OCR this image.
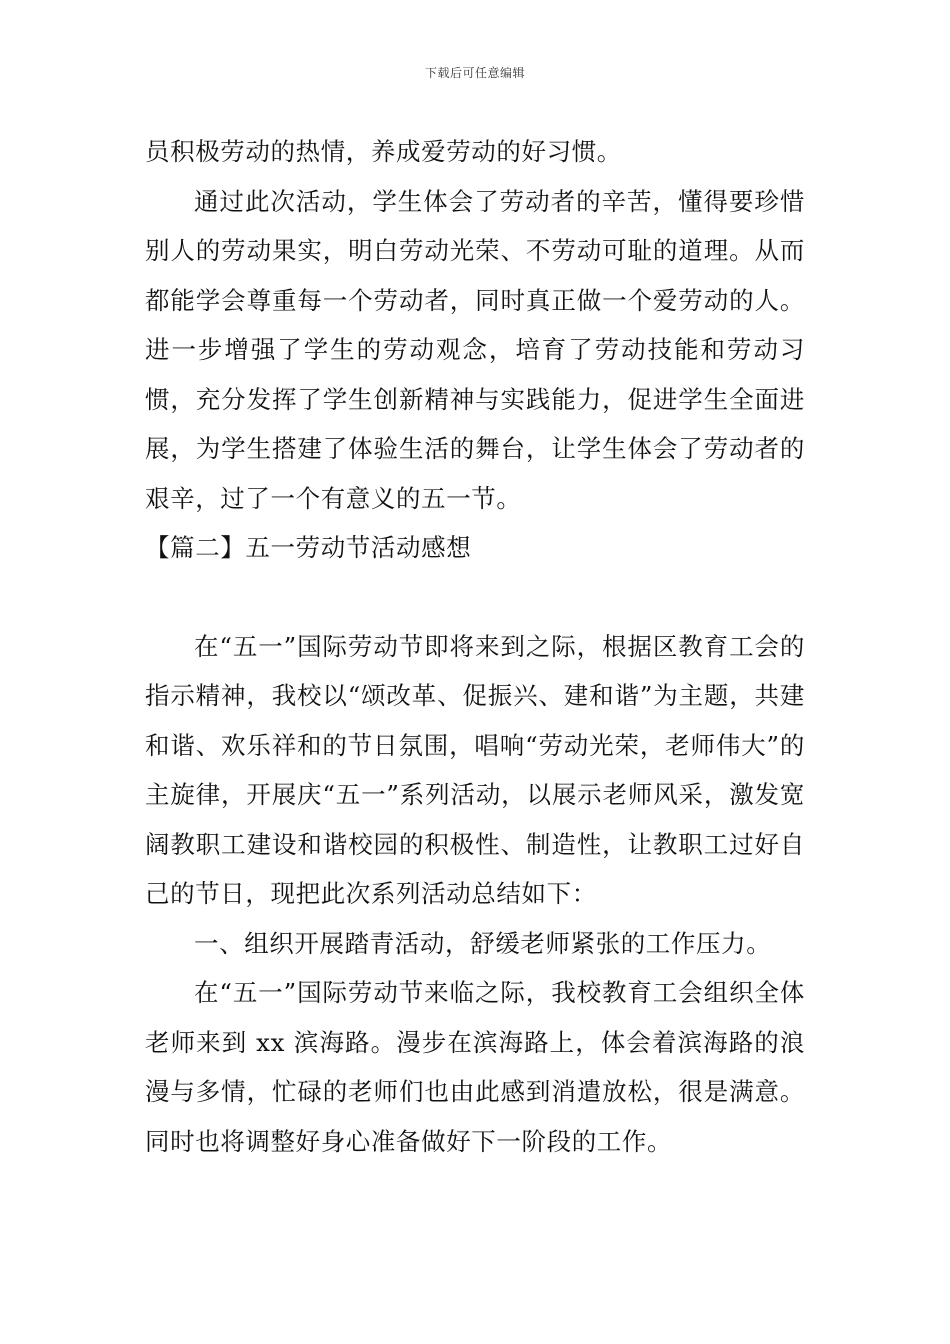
下载后可任意编辑

员积极劳动的热情，养成爱劳动的好习惯。

通过此次活动，学生体会了劳动者的辛苦，懂得要珍惜别人的劳动果实，明白劳动光荣、不劳动可耻的道理。从而都能学会尊重每一个劳动者，同时真正做一个爱劳动的人。进一步增强了学生的劳动观念，培育了劳动技能和劳动习惯，充分发挥了学生创新精神与实践能力，促进学生全面进展，为学生搭建了体验生活的舞台，让学生体会了劳动者的艰辛，过了一个有意义的五一节。

【篇二】五一劳动节活动感想

在“五一”国际劳动节即将来到之际，根据区教育工会的指示精神，我校以“颂改革、促振兴、建和谐”为主题，共建和谐、欢乐祥和的节日氛围，唱响“劳动光荣，老师伟大”的主旋律，开展庆“五一”系列活动，以展示老师风采，激发宽阔教职工建设和谐校园的积极性、制造性，让教职工过好自己的节日，现把此次系列活动总结如下：

一、组织开展踏青活动，舒缓老师紧张的工作压力。

在“五一”国际劳动节来临之际，我校教育工会组织全体老师来到 xx 滨海路。漫步在滨海路上，体会着滨海路的浪漫与多情，忙碌的老师们也由此感到消遣放松，很是满意。同时也将调整好身心准备做好下一阶段的工作。
